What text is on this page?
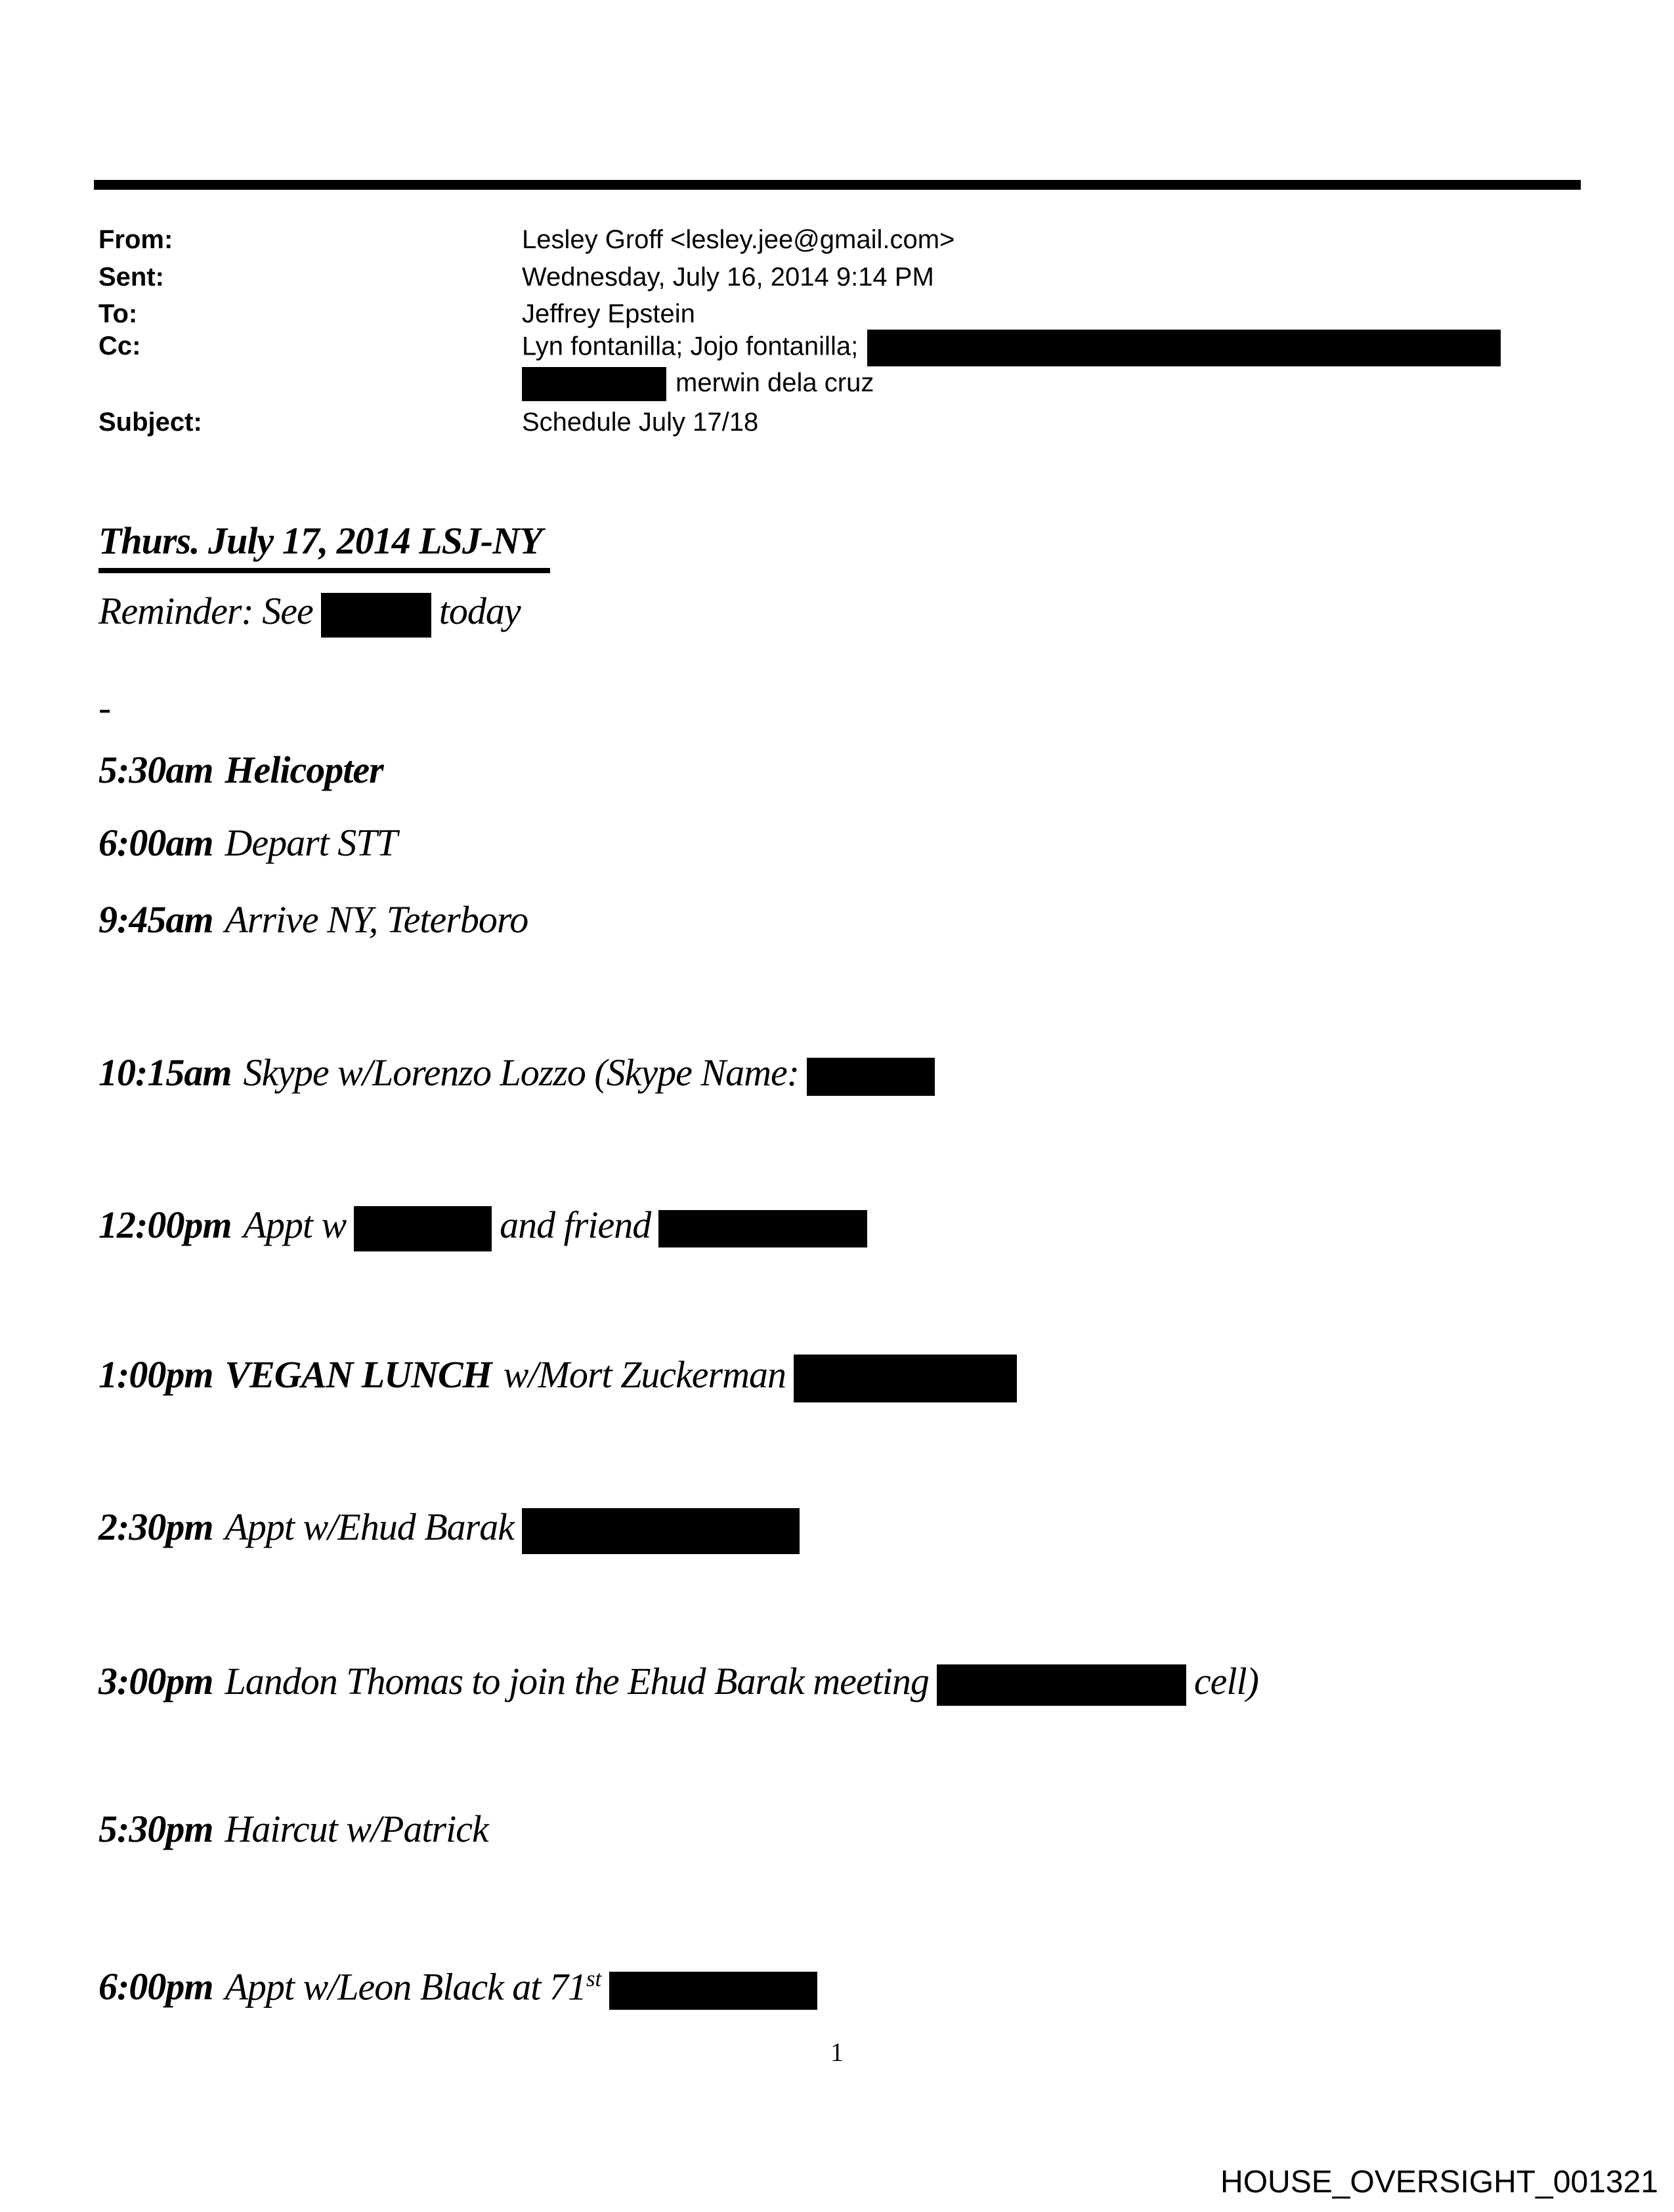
From:	Lesley Groff <lesley.jee@gmail.com>
Sent:	Wednesday, July 16, 2014 9:14 PM
To:	Jeffrey Epstein
Cc:	Lyn fontanilla; Jojo fontanilla;
merwin dela cruz
Subject:	Schedule July 17/18
Thurs. July 17, 2014 LSJ-NY
Reminder: See	today
-
5:30am Helicopter
6:00am Depart STT
9:45am Arrive NY, Teterboro
10:15am Skype w/Lorenzo Lozzo (Skype Name:
12:00pm Appt w	and friend
1:00pm VEGAN LUNCH w/Mort Zuckerman
2:30pm Appt w/Ehud Barak
3:00pm Landon Thomas to join the Ehud Barak meeting	cell)
5:30pm Haircut w/Patrick
6:00pm Appt w/Leon Black at 71st
1
HOUSE_OVERSIGHT_001321
